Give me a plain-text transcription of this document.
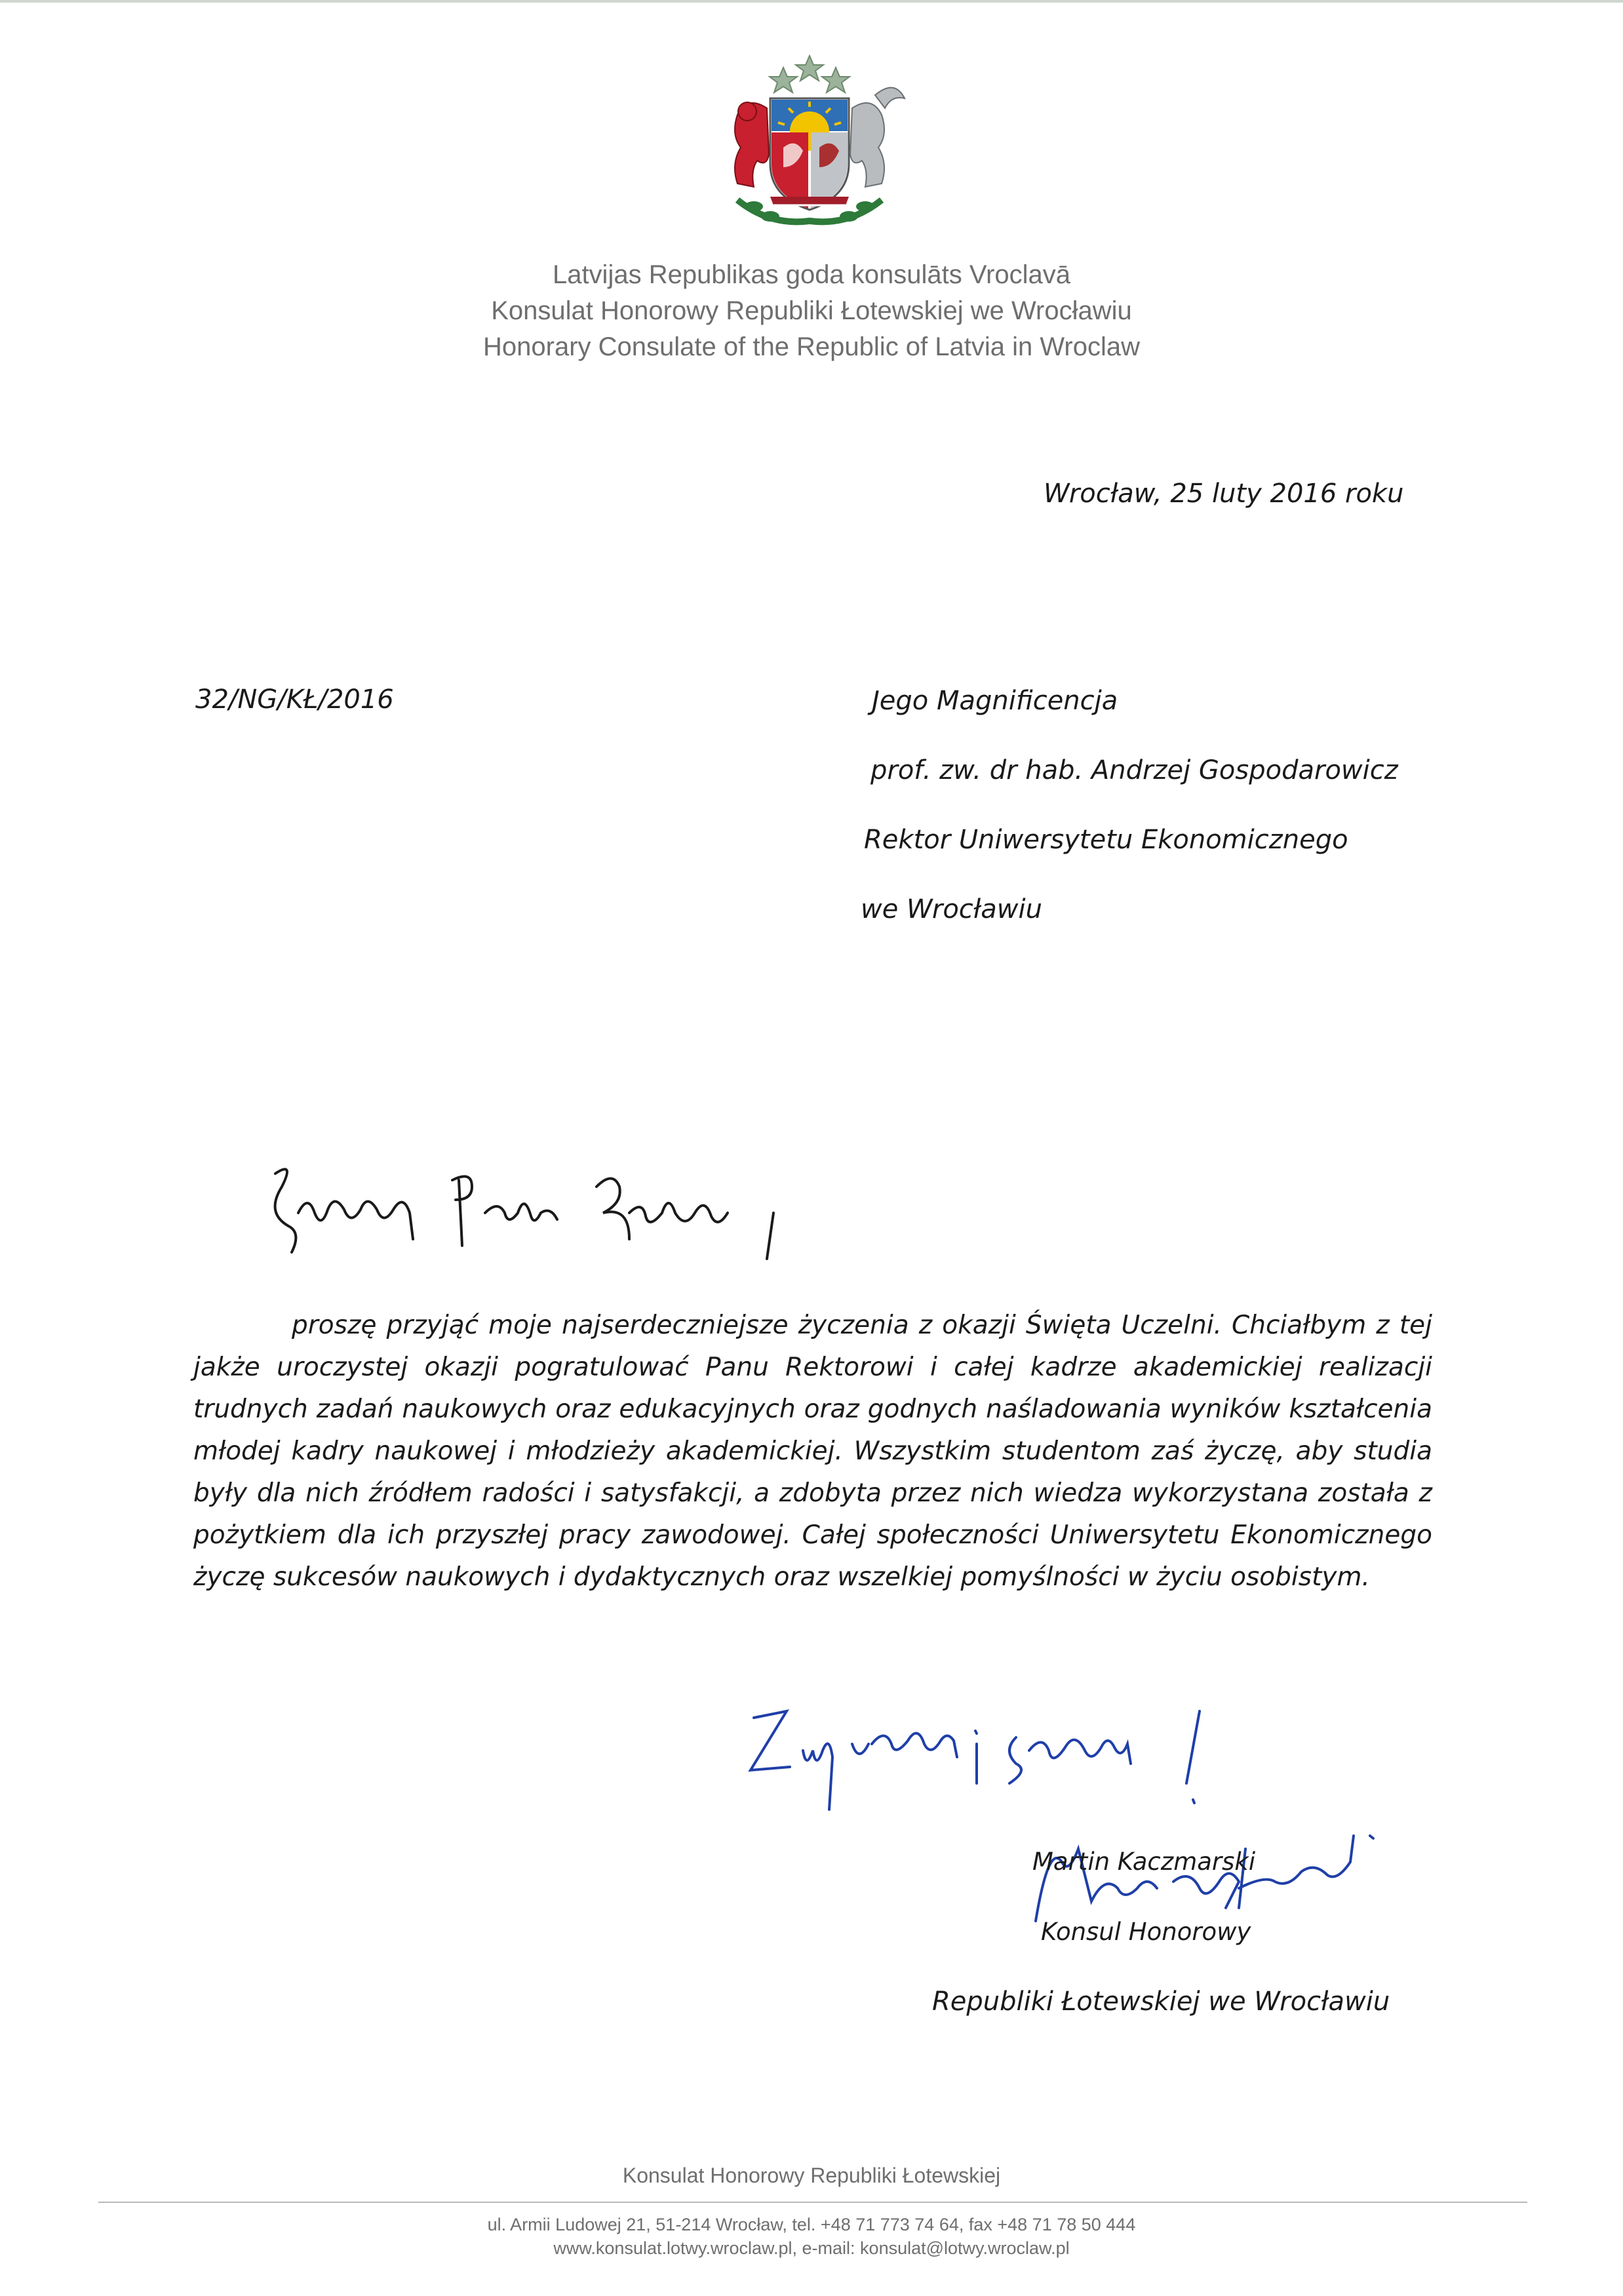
Latvijas Republikas goda konsulāts Vroclavā
Konsulat Honorowy Republiki Łotewskiej we Wrocławiu
Honorary Consulate of the Republic of Latvia in Wroclaw
Wrocław, 25 luty 2016 roku
32/NG/KŁ/2016	Jego Magnificencja
prof. zw. dr hab. Andrzej Gospodarowicz
Rektor Uniwersytetu Ekonomicznego
we Wrocławiu
proszę przyjąć moje najserdeczniejsze życzenia z okazji Święta Uczelni. Chciałbym z tej jakże uroczystej okazji pogratulować Panu Rektorowi i całej kadrze akademickiej realizacji trudnych zadań naukowych oraz edukacyjnych oraz godnych naśladowania wyników kształcenia młodej kadry naukowej i młodzieży akademickiej. Wszystkim studentom zaś życzę, aby studia były dla nich źródłem radości i satysfakcji, a zdobyta przez nich wiedza wykorzystana została z pożytkiem dla ich przyszłej pracy zawodowej. Całej społeczności Uniwersytetu Ekonomicznego życzę sukcesów naukowych i dydaktycznych oraz wszelkiej pomyślności w życiu osobistym.
Martin Kaczmarski
Konsul Honorowy
Republiki Łotewskiej we Wrocławiu
Konsulat Honorowy Republiki Łotewskiej
ul. Armii Ludowej 21, 51-214 Wrocław, tel. +48 71 773 74 64, fax +48 71 78 50 444
www.konsulat.lotwy.wroclaw.pl, e-mail: konsulat@lotwy.wroclaw.pl
